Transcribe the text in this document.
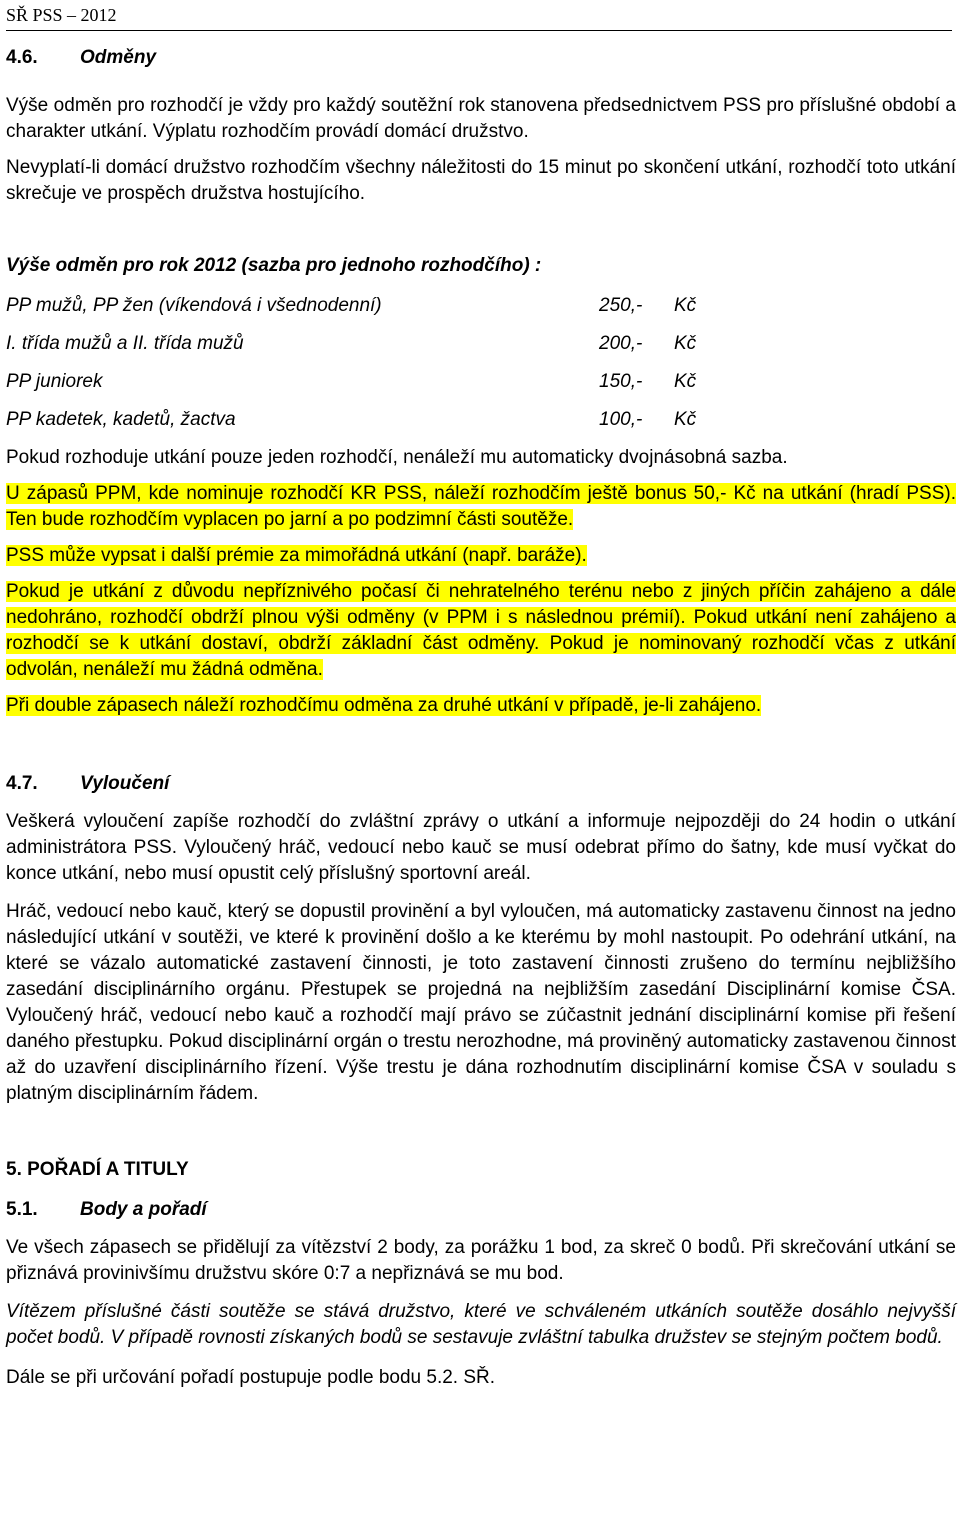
SŘ PSS – 2012
4.6. Odměny

Výše odměn pro rozhodčí je vždy pro každý soutěžní rok stanovena předsednictvem PSS pro příslušné období a charakter utkání. Výplatu rozhodčím provádí domácí družstvo.

Nevyplatí-li domácí družstvo rozhodčím všechny náležitosti do 15 minut po skončení utkání, rozhodčí toto utkání skrečuje ve prospěch družstva hostujícího.

Výše odměn pro rok 2012 (sazba pro jednoho rozhodčího) :
PP mužů, PP žen (víkendová i všednodenní)	250,- Kč
I. třída mužů a II. třída mužů	200,- Kč
PP juniorek	150,- Kč
PP kadetek, kadetů, žactva	100,- Kč

Pokud rozhoduje utkání pouze jeden rozhodčí, nenáleží mu automaticky dvojnásobná sazba.

U zápasů PPM, kde nominuje rozhodčí KR PSS, náleží rozhodčím ještě bonus 50,- Kč na utkání (hradí PSS). Ten bude rozhodčím vyplacen po jarní a po podzimní části soutěže.

PSS může vypsat i další prémie za mimořádná utkání (např. baráže).

Pokud je utkání z důvodu nepříznivého počasí či nehratelného terénu nebo z jiných příčin zahájeno a dále nedohráno, rozhodčí obdrží plnou výši odměny (v PPM i s následnou prémií). Pokud utkání není zahájeno a rozhodčí se k utkání dostaví, obdrží základní část odměny. Pokud je nominovaný rozhodčí včas z utkání odvolán, nenáleží mu žádná odměna.

Při double zápasech náleží rozhodčímu odměna za druhé utkání v případě, je-li zahájeno.

4.7. Vyloučení

Veškerá vyloučení zapíše rozhodčí do zvláštní zprávy o utkání a informuje nejpozději do 24 hodin o utkání administrátora PSS. Vyloučený hráč, vedoucí nebo kauč se musí odebrat přímo do šatny, kde musí vyčkat do konce utkání, nebo musí opustit celý příslušný sportovní areál.

Hráč, vedoucí nebo kauč, který se dopustil provinění a byl vyloučen, má automaticky zastavenu činnost na jedno následující utkání v soutěži, ve které k provinění došlo a ke kterému by mohl nastoupit. Po odehrání utkání, na které se vázalo automatické zastavení činnosti, je toto zastavení činnosti zrušeno do termínu nejbližšího zasedání disciplinárního orgánu. Přestupek se projedná na nejbližším zasedání Disciplinární komise ČSA. Vyloučený hráč, vedoucí nebo kauč a rozhodčí mají právo se zúčastnit jednání disciplinární komise při řešení daného přestupku. Pokud disciplinární orgán o trestu nerozhodne, má proviněný automaticky zastavenou činnost až do uzavření disciplinárního řízení. Výše trestu je dána rozhodnutím disciplinární komise ČSA v souladu s platným disciplinárním řádem.

5. POŘADÍ A TITULY
5.1. Body a pořadí

Ve všech zápasech se přidělují za vítězství 2 body, za porážku 1 bod, za skreč 0 bodů. Při skrečování utkání se přiznává provinivšímu družstvu skóre 0:7 a nepřiznává se mu bod.

Vítězem příslušné části soutěže se stává družstvo, které ve schváleném utkáních soutěže dosáhlo nejvyšší počet bodů. V případě rovnosti získaných bodů se sestavuje zvláštní tabulka družstev se stejným počtem bodů.

Dále se při určování pořadí postupuje podle bodu 5.2. SŘ.
